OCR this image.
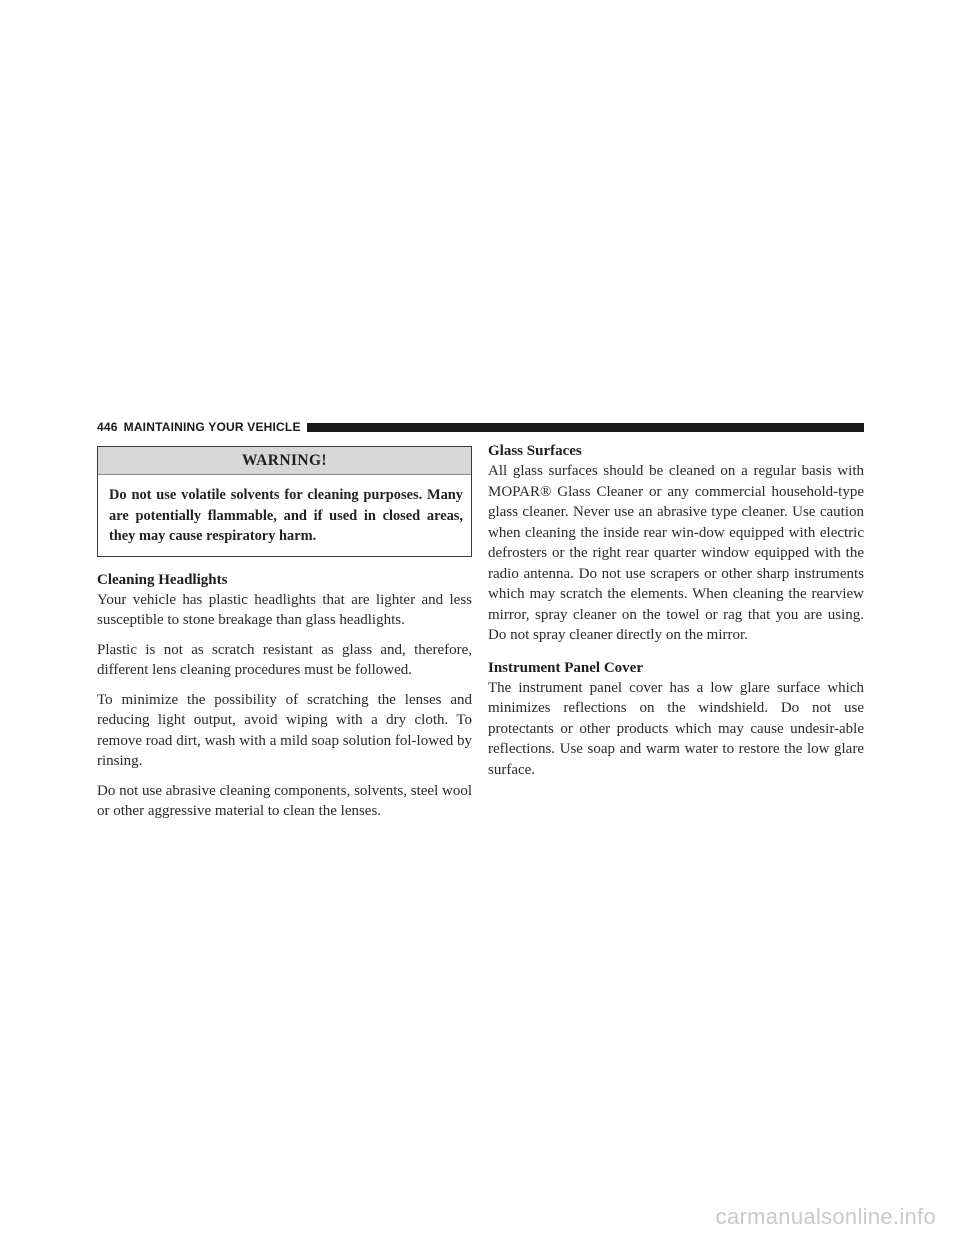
446 MAINTAINING YOUR VEHICLE
WARNING!
Do not use volatile solvents for cleaning purposes. Many are potentially flammable, and if used in closed areas, they may cause respiratory harm.
Cleaning Headlights

Your vehicle has plastic headlights that are lighter and less susceptible to stone breakage than glass headlights.

Plastic is not as scratch resistant as glass and, therefore, different lens cleaning procedures must be followed.

To minimize the possibility of scratching the lenses and reducing light output, avoid wiping with a dry cloth. To remove road dirt, wash with a mild soap solution fol-lowed by rinsing.

Do not use abrasive cleaning components, solvents, steel wool or other aggressive material to clean the lenses.

Glass Surfaces

All glass surfaces should be cleaned on a regular basis with MOPAR® Glass Cleaner or any commercial household-type glass cleaner. Never use an abrasive type cleaner. Use caution when cleaning the inside rear win-dow equipped with electric defrosters or the right rear quarter window equipped with the radio antenna. Do not use scrapers or other sharp instruments which may scratch the elements. When cleaning the rearview mirror, spray cleaner on the towel or rag that you are using. Do not spray cleaner directly on the mirror.

Instrument Panel Cover

The instrument panel cover has a low glare surface which minimizes reflections on the windshield. Do not use protectants or other products which may cause undesir-able reflections. Use soap and warm water to restore the low glare surface.

carmanualsonline.info
